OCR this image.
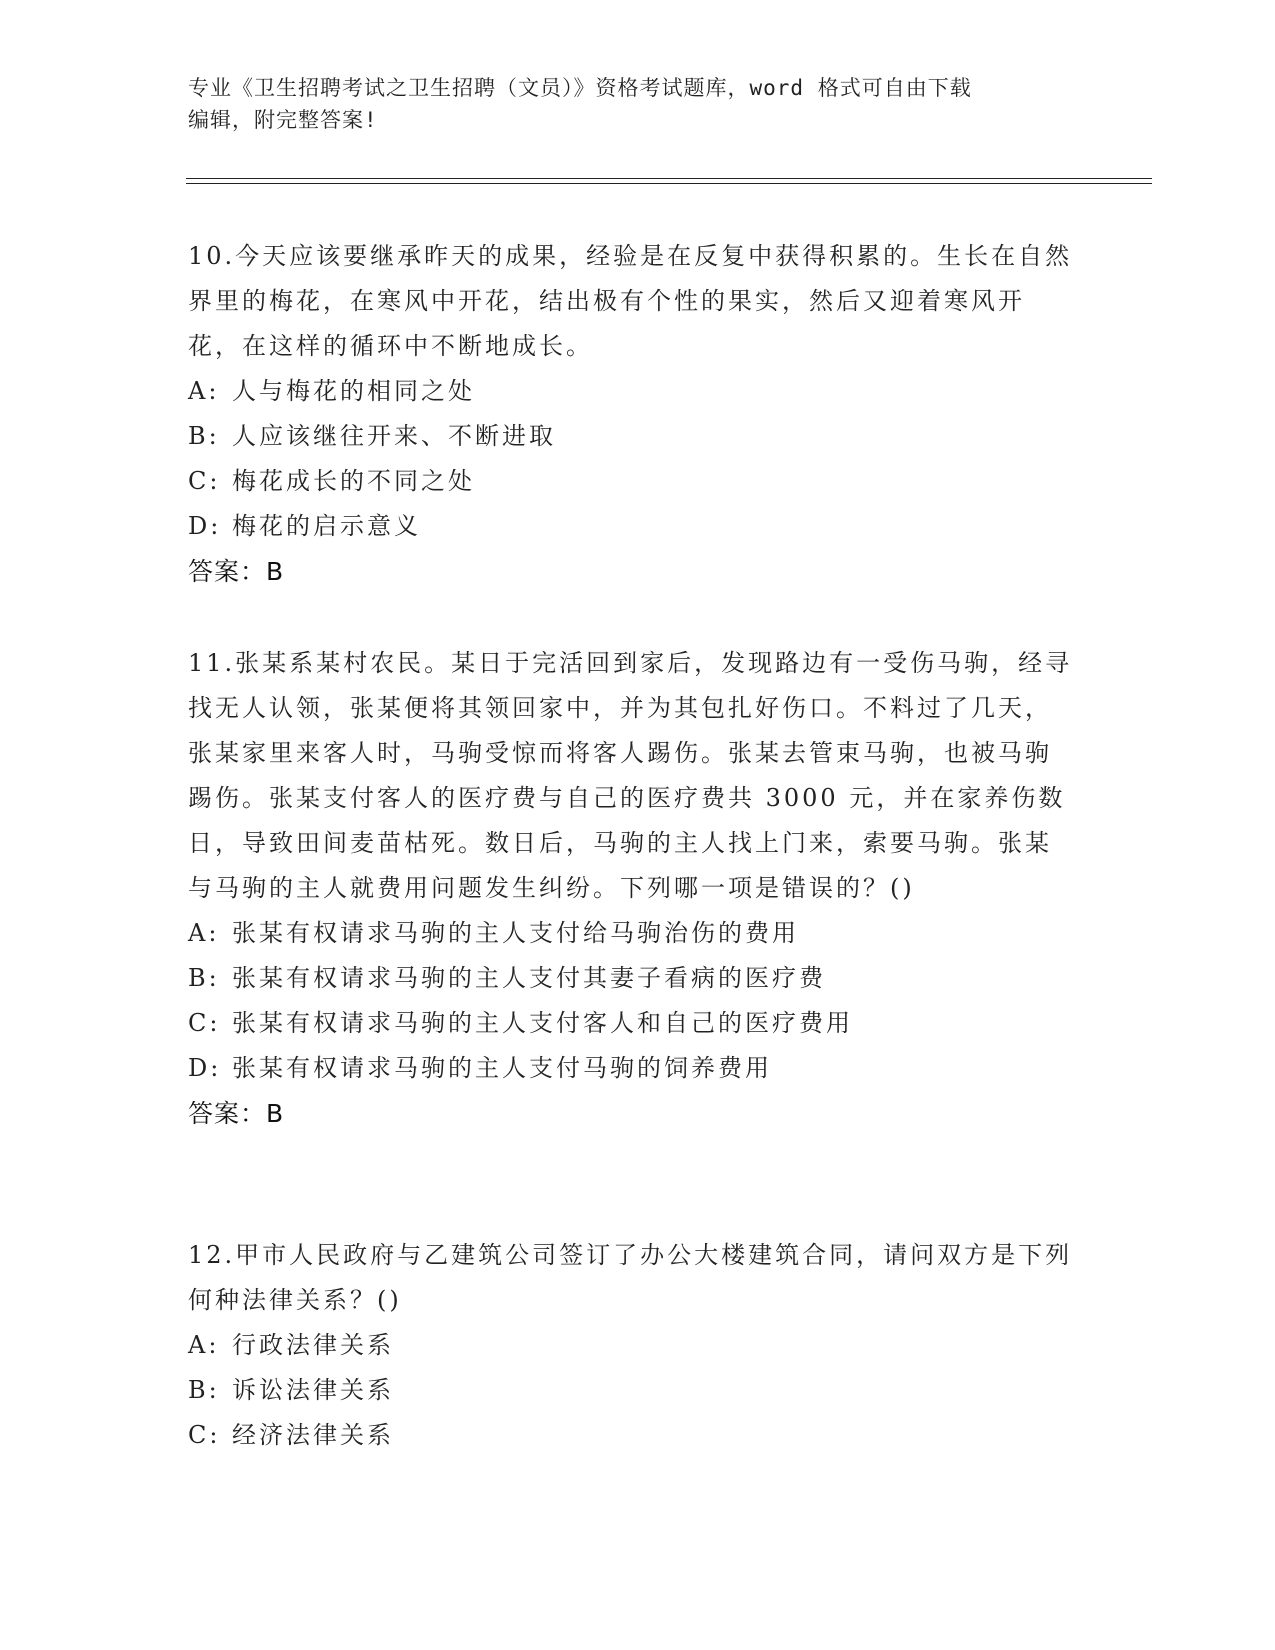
专业《卫生招聘考试之卫生招聘（文员）》资格考试题库，word 格式可自由下载
编辑，附完整答案!

10.今天应该要继承昨天的成果，经验是在反复中获得积累的。生长在自然界里的梅花，在寒风中开花，结出极有个性的果实，然后又迎着寒风开花，在这样的循环中不断地成长。

A: 人与梅花的相同之处
B: 人应该继往开来、不断进取
C: 梅花成长的不同之处
D: 梅花的启示意义
答案：B

11.张某系某村农民。某日于完活回到家后，发现路边有一受伤马驹，经寻找无人认领，张某便将其领回家中，并为其包扎好伤口。不料过了几天，张某家里来客人时，马驹受惊而将客人踢伤。张某去管束马驹，也被马驹踢伤。张某支付客人的医疗费与自己的医疗费共 3000 元，并在家养伤数日，导致田间麦苗枯死。数日后，马驹的主人找上门来，索要马驹。张某与马驹的主人就费用问题发生纠纷。下列哪一项是错误的？()

A: 张某有权请求马驹的主人支付给马驹治伤的费用
B: 张某有权请求马驹的主人支付其妻子看病的医疗费
C: 张某有权请求马驹的主人支付客人和自己的医疗费用
D: 张某有权请求马驹的主人支付马驹的饲养费用
答案：B

12.甲市人民政府与乙建筑公司签订了办公大楼建筑合同，请问双方是下列何种法律关系？()

A: 行政法律关系
B: 诉讼法律关系
C: 经济法律关系
